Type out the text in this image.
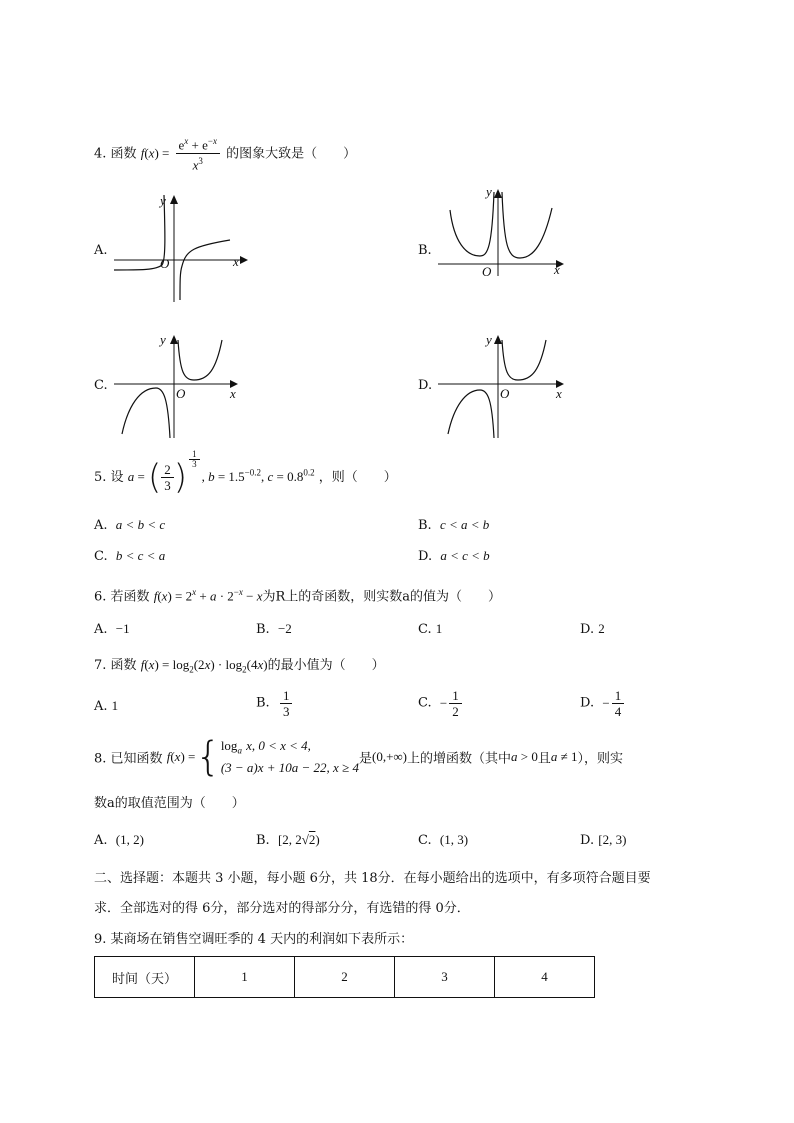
4. 函数 $f(x) = \frac{e^x + e^{-x}}{x^3}$ 的图象大致是（　　）
A.
x
y
O
B.
x
y
O
C.
x
y
O
D.
x
y
O
5. 设 a = ( $\frac{2}{3}$ ) $^{\frac{1}{3}}$
, $b = 1.5^{-0.2}$, $c = 0.8^{0.2}$ ，则（　　）
A. a < b < c	B. c < a < b
C. b < c < a	D. a < c < b
6. 若函数 $f(x) = 2^x + a \cdot 2^{-x} - x$为R上的奇函数，则实数a的值为（　　）
A. −1	B. −2	C. 1	D. 2
7. 函数 $f(x) = \log_2(2x) \cdot \log_2(4x)$的最小值为（　　）
A. 1	B. $\frac{1}{3}$	C. − $\frac{1}{2}$	D. − $\frac{1}{4}$
8. 已知函数 f(x) ={ $\log_a x$, 0 < x < 4,
(3 − a)x + 10a − 22, x ≥ 4
是(0,+∞)上的增函数（其中a > 0且a ≠ 1），则实
数a的取值范围为（　　）
A. (1, 2)	B. [2, 2√2)	C. (1, 3)	D. [2, 3)
二、选择题：本题共 3 小题，每小题 6分，共 18分．在每小题给出的选项中，有多项符合题目要
求．全部选对的得 6分，部分选对的得部分分，有选错的得 0分．
9. 某商场在销售空调旺季的 4 天内的利润如下表所示：
时间（天）	1	2	3	4
